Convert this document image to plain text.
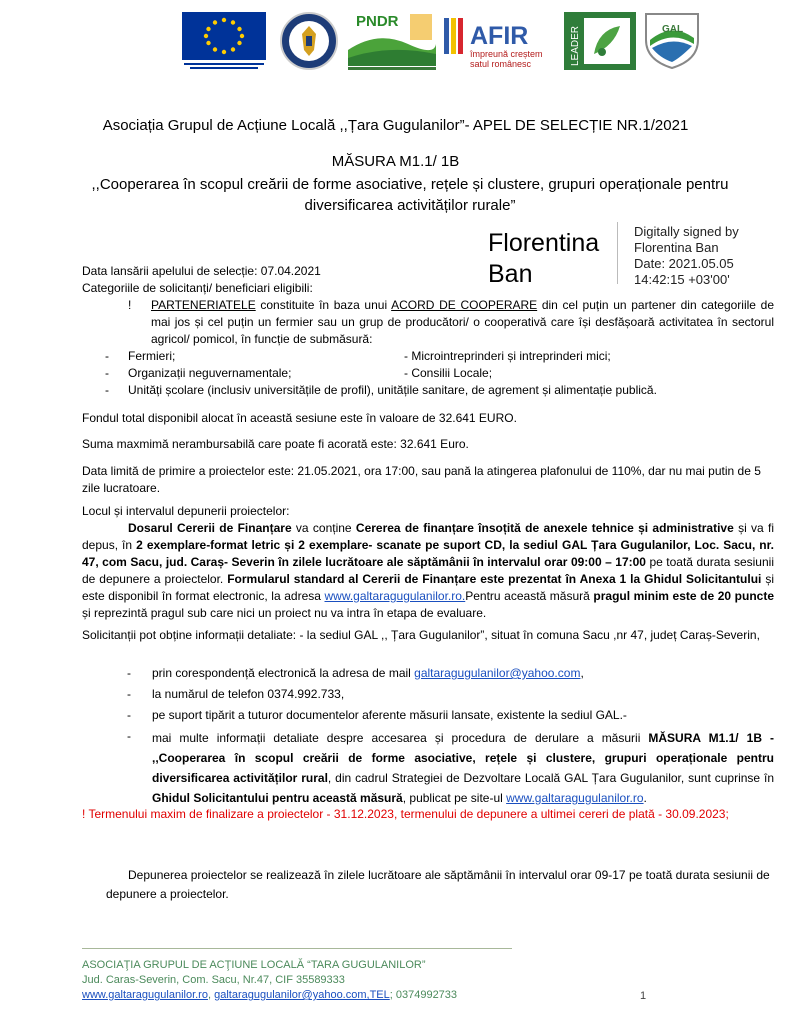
PNDR
AFIR
împreună creștem
satul românesc	LEADER	GAL
Asociația Grupul de Acțiune Locală ,,Țara Gugulanilor”- APEL DE SELECȚIE NR.1/2021
MĂSURA M1.1/ 1B
,,Cooperarea în scopul creării de forme asociative, rețele și clustere, grupuri operaționale pentru diversificarea activităților rurale”
Florentina
Ban
Digitally signed by
Florentina Ban
Date: 2021.05.05
14:42:15 +03'00'
Data lansării apelului de selecție: 07.04.2021
Categoriile de solicitanți/ beneficiari eligibili:
! PARTENERIATELE constituite în baza unui ACORD DE COOPERARE din cel puțin un partener din categoriile de mai jos și cel puțin un fermier sau un grup de producători/ o cooperativă care își desfășoară activitatea în sectorul agricol/ pomicol, în funcție de submăsură:
- Fermieri;	- Microintreprinderi și intreprinderi mici;
- Organizații neguvernamentale;	- Consilii Locale;
- Unități școlare (inclusiv universitățile de profil), unitățile sanitare, de agrement și alimentație publică.
Fondul total disponibil alocat în această sesiune este în valoare de 32.641 EURO.
Suma maxmimă nerambursabilă care poate fi acorată este: 32.641 Euro.
Data limită de primire a proiectelor este: 21.05.2021, ora 17:00, sau pană la atingerea plafonului de 110%, dar nu mai putin de 5 zile lucratoare.
Locul și intervalul depunerii proiectelor:
Dosarul Cererii de Finanțare va conține Cererea de finanțare însoțită de anexele tehnice și administrative și va fi depus, în 2 exemplare-format letric și 2 exemplare- scanate pe suport CD, la sediul GAL Țara Gugulanilor, Loc. Sacu, nr. 47, com Sacu, jud. Caraș- Severin în zilele lucrătoare ale săptămânii în intervalul orar 09:00 – 17:00 pe toată durata sesiunii de depunere a proiectelor. Formularul standard al Cererii de Finanțare este prezentat în Anexa 1 la Ghidul Solicitantului și este disponibil în format electronic, la adresa www.galtaragugulanilor.ro.Pentru această măsură pragul minim este de 20 puncte și reprezintă pragul sub care nici un proiect nu va intra în etapa de evaluare.
Solicitanții pot obține informații detaliate: - la sediul GAL ,, Țara Gugulanilor”, situat în comuna Sacu ,nr 47, județ Caraș-Severin,
- prin corespondență electronică la adresa de mail galtaragugulanilor@yahoo.com,
- la numărul de telefon 0374.992.733,
- pe suport tipărit a tuturor documentelor aferente măsurii lansate, existente la sediul GAL.-
- mai multe informații detaliate despre accesarea și procedura de derulare a măsurii MĂSURA M1.1/ 1B - ,,Cooperarea în scopul creării de forme asociative, rețele și clustere, grupuri operaționale pentru diversificarea activităților rural, din cadrul Strategiei de Dezvoltare Locală GAL Țara Gugulanilor, sunt cuprinse în Ghidul Solicitantului pentru această măsură, publicat pe site-ul www.galtaragugulanilor.ro.
! Termenului maxim de finalizare a proiectelor - 31.12.2023, termenului de depunere a ultimei cereri de plată - 30.09.2023;
Depunerea proiectelor se realizează în zilele lucrătoare ale săptămânii în intervalul orar 09-17 pe toată durata sesiunii de depunere a proiectelor.
ASOCIAŢIA GRUPUL DE ACŢIUNE LOCALĂ “TARA GUGULANILOR”
Jud. Caras-Severin, Com. Sacu, Nr.47, CIF 35589333
www.galtaragugulanilor.ro, galtaragugulanilor@yahoo.com,TEL; 0374992733	1
